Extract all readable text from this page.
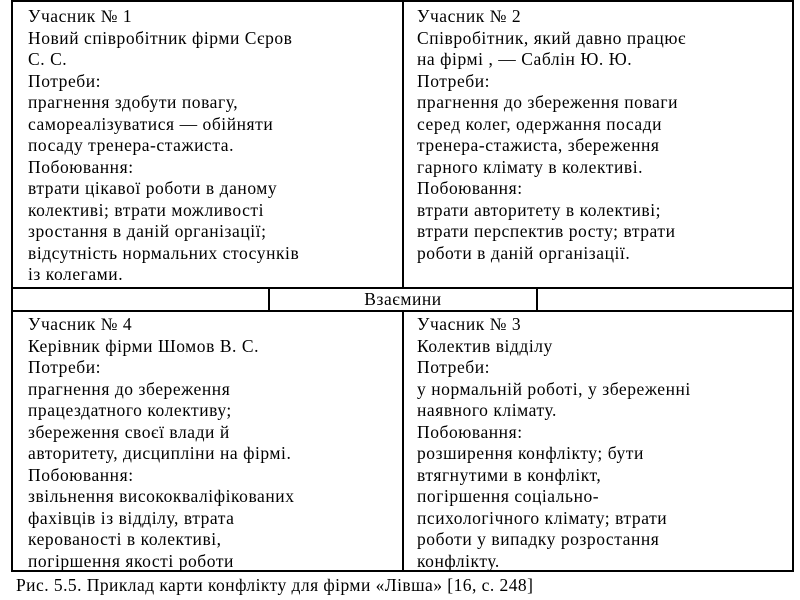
Учасник № 1
Новий співробітник фірми Сєров
С. С.
Потреби:
прагнення здобути повагу,
самореалізуватися — обійняти
посаду тренера-стажиста.
Побоювання:
втрати цікавої роботи в даному
колективі; втрати можливості
зростання в даній організації;
відсутність нормальних стосунків
із колегами.
Учасник № 2
Співробітник, який давно працює
на фірмі , — Саблін Ю. Ю.
Потреби:
прагнення до збереження поваги
серед колег, одержання посади
тренера-стажиста, збереження
гарного клімату в колективі.
Побоювання:
втрати авторитету в колективі;
втрати перспектив росту; втрати
роботи в даній організації.
Взаємини
Учасник № 4
Керівник фірми Шомов В. С.
Потреби:
прагнення до збереження
працездатного колективу;
збереження своєї влади й
авторитету, дисципліни на фірмі.
Побоювання:
звільнення висококваліфікованих
фахівців із відділу, втрата
керованості в колективі,
погіршення якості роботи
Учасник № 3
Колектив відділу
Потреби:
у нормальній роботі, у збереженні
наявного клімату.
Побоювання:
розширення конфлікту; бути
втягнутими в конфлікт,
погіршення соціально-
психологічного клімату; втрати
роботи у випадку розростання
конфлікту.
Рис. 5.5. Приклад карти конфлікту для фірми «Лівша» [16, с. 248]
